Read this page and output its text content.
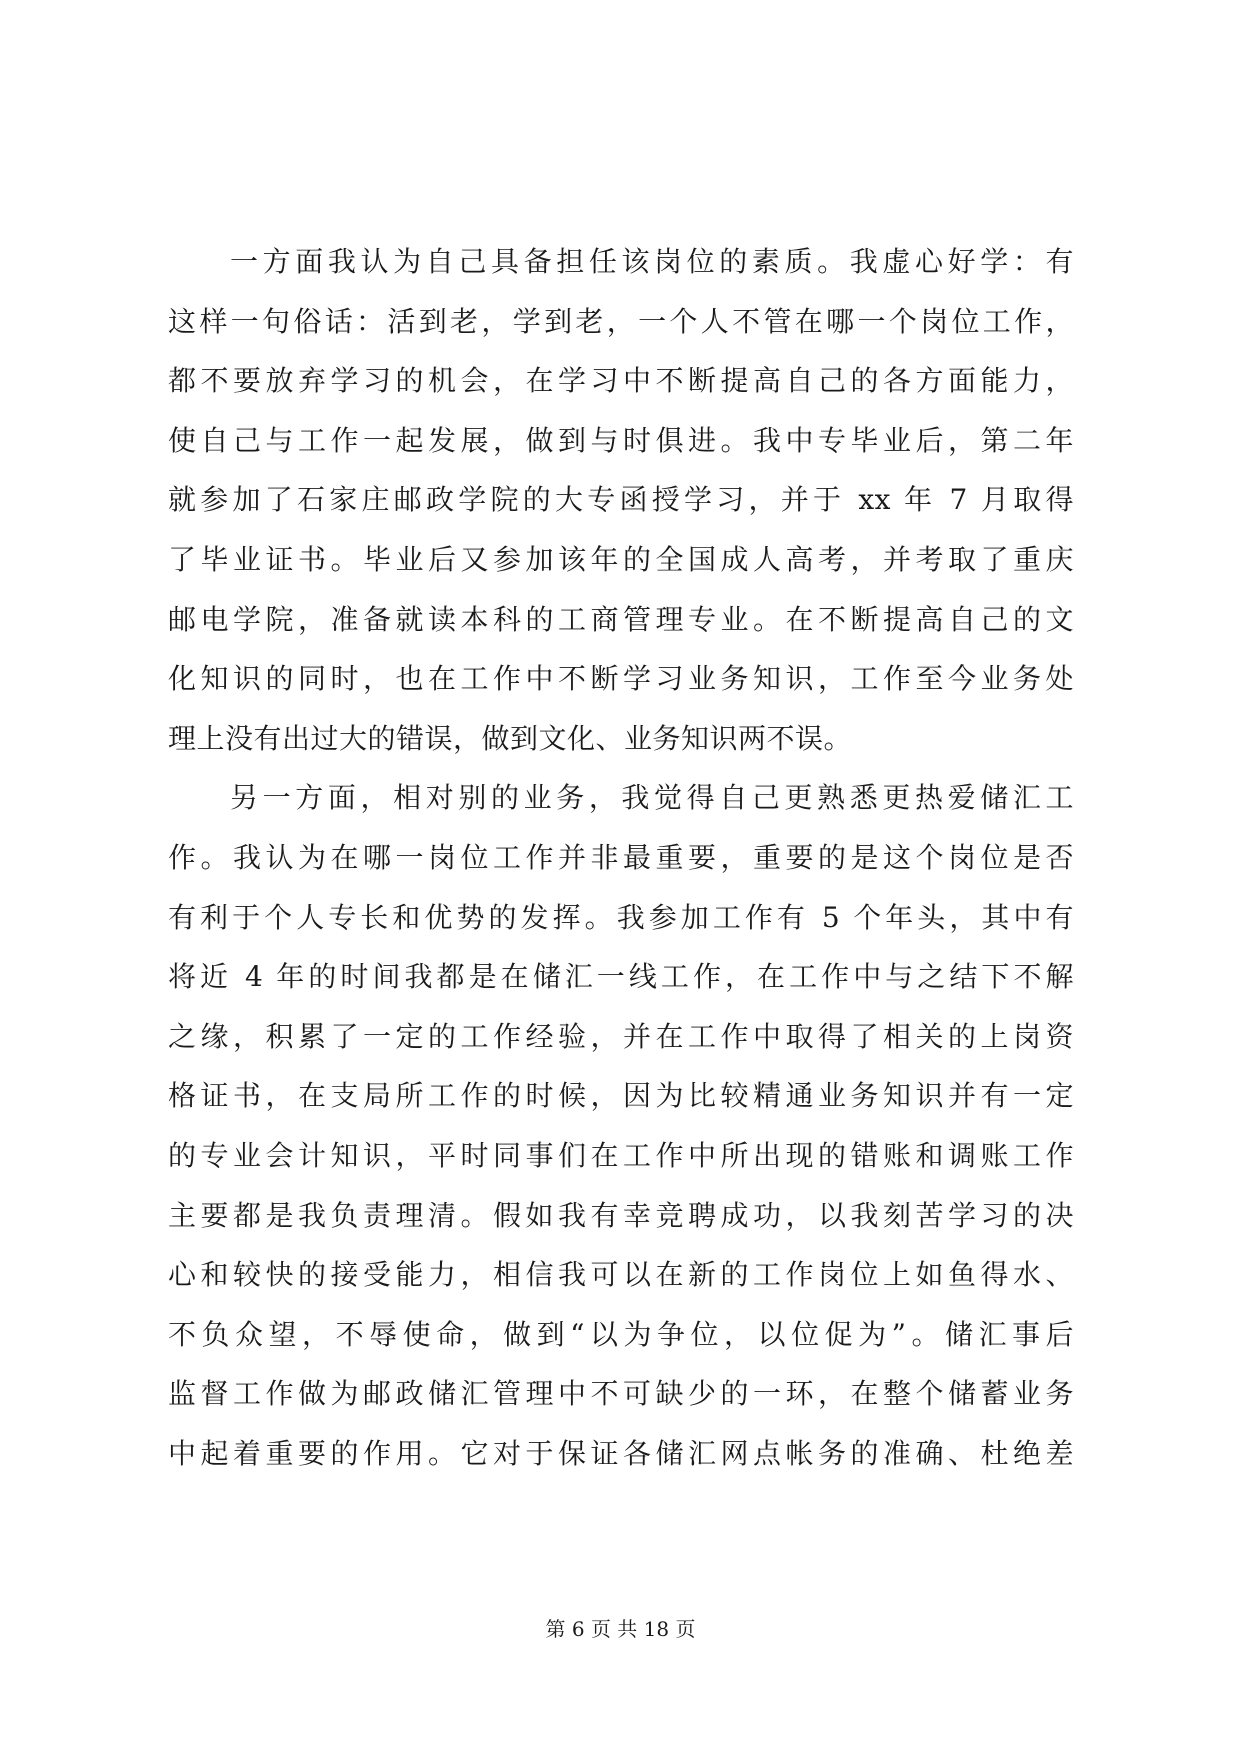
一方面我认为自己具备担任该岗位的素质。我虚心好学：有
这样一句俗话：活到老，学到老，一个人不管在哪一个岗位工作，
都不要放弃学习的机会，在学习中不断提高自己的各方面能力，
使自己与工作一起发展，做到与时俱进。我中专毕业后，第二年
就参加了石家庄邮政学院的大专函授学习，并于 xx 年 7 月取得
了毕业证书。毕业后又参加该年的全国成人高考，并考取了重庆
邮电学院，准备就读本科的工商管理专业。在不断提高自己的文
化知识的同时，也在工作中不断学习业务知识，工作至今业务处
理上没有出过大的错误，做到文化、业务知识两不误。
另一方面，相对别的业务，我觉得自己更熟悉更热爱储汇工
作。我认为在哪一岗位工作并非最重要，重要的是这个岗位是否
有利于个人专长和优势的发挥。我参加工作有 5 个年头，其中有
将近 4 年的时间我都是在储汇一线工作，在工作中与之结下不解
之缘，积累了一定的工作经验，并在工作中取得了相关的上岗资
格证书，在支局所工作的时候，因为比较精通业务知识并有一定
的专业会计知识，平时同事们在工作中所出现的错账和调账工作
主要都是我负责理清。假如我有幸竞聘成功，以我刻苦学习的决
心和较快的接受能力，相信我可以在新的工作岗位上如鱼得水、
不负众望，不辱使命，做到“以为争位，以位促为”。储汇事后
监督工作做为邮政储汇管理中不可缺少的一环，在整个储蓄业务
中起着重要的作用。它对于保证各储汇网点帐务的准确、杜绝差
第 6 页 共 18 页
